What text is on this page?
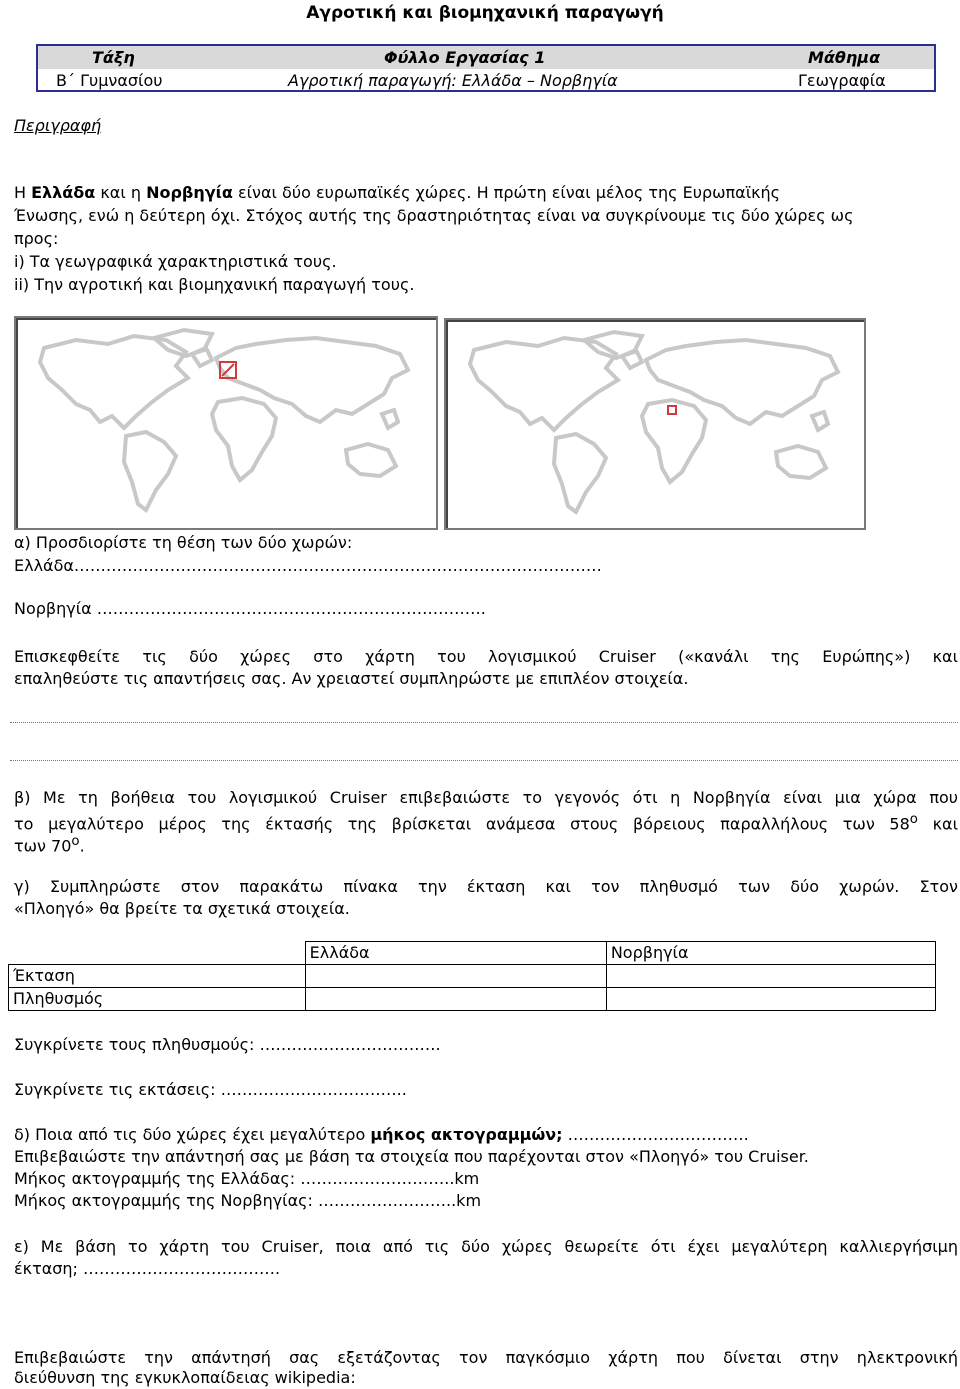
Αγροτική και βιομηχανική παραγωγή
Τάξη	Φύλλο Εργασίας 1	Μάθημα
Β΄ Γυμνασίου	Αγροτική παραγωγή: Ελλάδα – Νορβηγία	Γεωγραφία
Περιγραφή
Η Ελλάδα και η Νορβηγία είναι δύο ευρωπαϊκές χώρες. Η πρώτη είναι μέλος της Ευρωπαϊκής
Ένωσης, ενώ η δεύτερη όχι. Στόχος αυτής της δραστηριότητας είναι να συγκρίνουμε τις δύο χώρες ως
προς:
i) Τα γεωγραφικά χαρακτηριστικά τους.
ii) Την αγροτική και βιομηχανική παραγωγή τους.
α) Προσδιορίστε τη θέση των δύο χωρών:
Ελλάδα………………………………………………………………………………………
Νορβηγία ……………………………………………………………….
Επισκεφθείτε τις δύο χώρες στο χάρτη του λογισμικού Cruiser («κανάλι της Ευρώπης») και
επαληθεύστε τις απαντήσεις σας. Αν χρειαστεί συμπληρώστε με επιπλέον στοιχεία.
β) Με τη βοήθεια του λογισμικού Cruiser επιβεβαιώστε το γεγονός ότι η Νορβηγία είναι μια χώρα που
το μεγαλύτερο μέρος της έκτασής της βρίσκεται ανάμεσα στους βόρειους παραλλήλους των $58^o$ και
των $70^o$.
γ) Συμπληρώστε στον παρακάτω πίνακα την έκταση και τον πληθυσμό των δύο χωρών. Στον
«Πλοηγό» θα βρείτε τα σχετικά στοιχεία.
	Ελλάδα	Νορβηγία
Έκταση		
Πληθυσμός		
Συγκρίνετε τους πληθυσμούς: …………………………….
Συγκρίνετε τις εκτάσεις: ……………………………..
δ) Ποια από τις δύο χώρες έχει μεγαλύτερο μήκος ακτογραμμών; …………………………….
Επιβεβαιώστε την απάντησή σας με βάση τα στοιχεία που παρέχονται στον «Πλοηγό» του Cruiser.
Μήκος ακτογραμμής της Ελλάδας: ………………………..km
Μήκος ακτογραμμής της Νορβηγίας: ……………………..km
ε) Με βάση το χάρτη του Cruiser, ποια από τις δύο χώρες θεωρείτε ότι έχει μεγαλύτερη καλλιεργήσιμη
έκταση; ……………………………….
Επιβεβαιώστε την απάντησή σας εξετάζοντας τον παγκόσμιο χάρτη που δίνεται στην ηλεκτρονική
διεύθυνση της εγκυκλοπαίδειας wikipedia:
